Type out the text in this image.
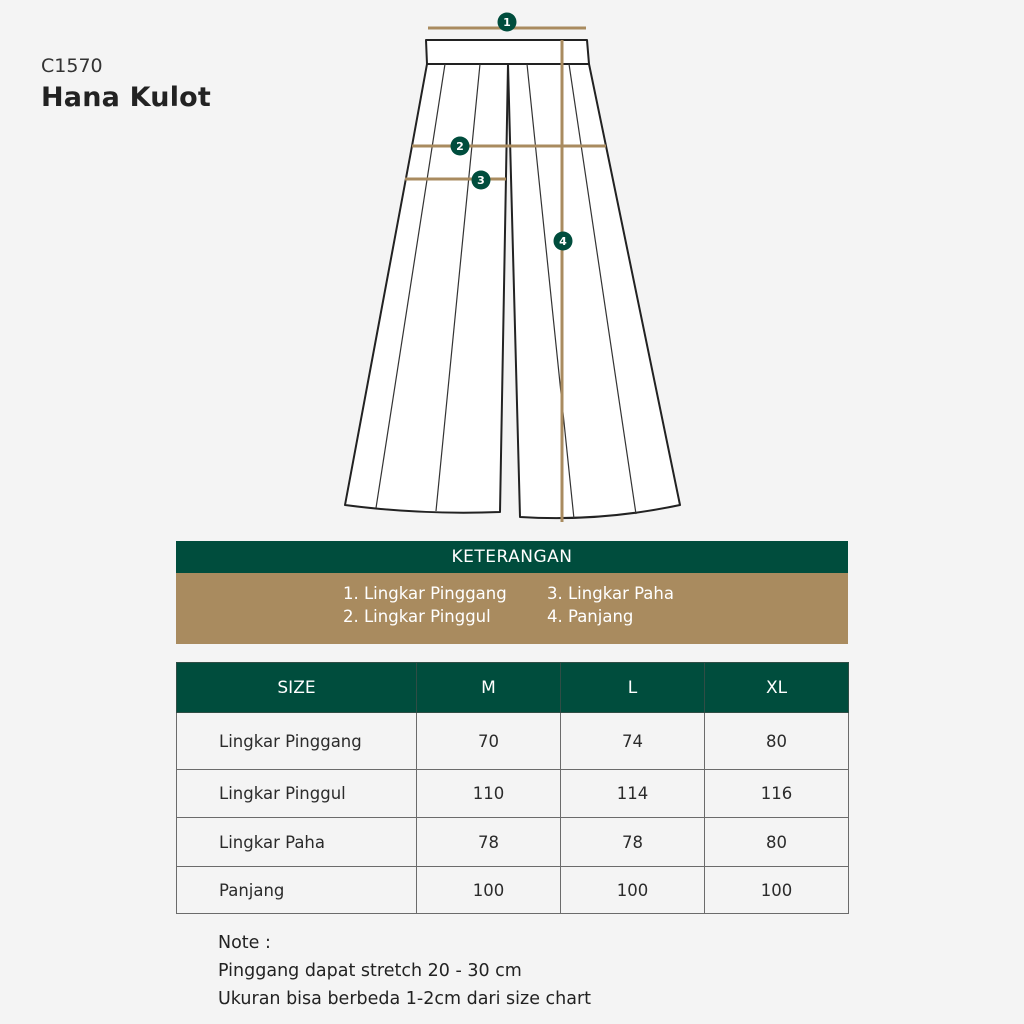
C1570
Hana Kulot
1
2
3
4
KETERANGAN
1. Lingkar Pinggang
2. Lingkar Pinggul
3. Lingkar Paha
4. Panjang
SIZE	M	L	XL
Lingkar Pinggang	70	74	80
Lingkar Pinggul	110	114	116
Lingkar Paha	78	78	80
Panjang	100	100	100
Note :
Pinggang dapat stretch 20 - 30 cm
Ukuran bisa berbeda 1-2cm dari size chart
